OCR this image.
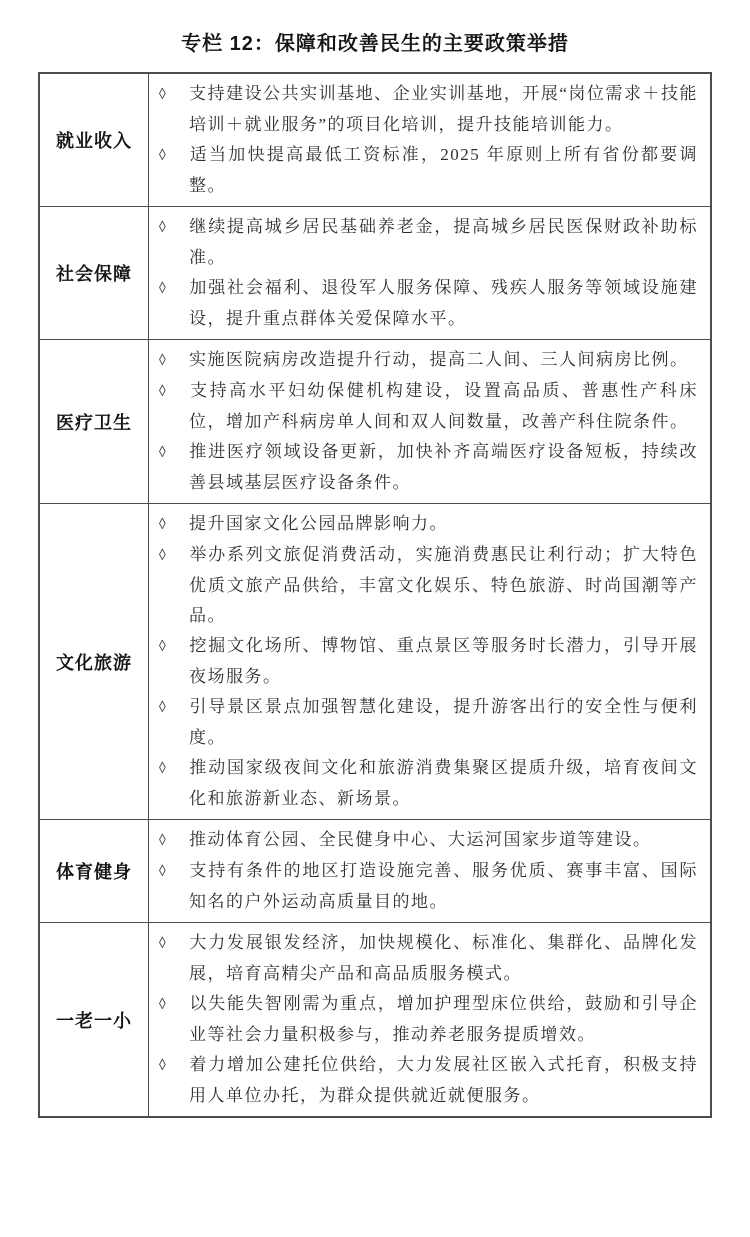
专栏 12：保障和改善民生的主要政策举措
就业收入	◊ 支持建设公共实训基地、企业实训基地，开展“岗位需求＋技能培训＋就业服务”的项目化培训，提升技能培训能力。

◊ 适当加快提高最低工资标准，2025 年原则上所有省份都要调整。

社会保障	◊ 继续提高城乡居民基础养老金，提高城乡居民医保财政补助标准。

◊ 加强社会福利、退役军人服务保障、残疾人服务等领域设施建设，提升重点群体关爱保障水平。

医疗卫生	◊ 实施医院病房改造提升行动，提高二人间、三人间病房比例。

◊ 支持高水平妇幼保健机构建设，设置高品质、普惠性产科床位，增加产科病房单人间和双人间数量，改善产科住院条件。

◊ 推进医疗领域设备更新，加快补齐高端医疗设备短板，持续改善县域基层医疗设备条件。

文化旅游	◊ 提升国家文化公园品牌影响力。

◊ 举办系列文旅促消费活动，实施消费惠民让利行动；扩大特色优质文旅产品供给，丰富文化娱乐、特色旅游、时尚国潮等产品。

◊ 挖掘文化场所、博物馆、重点景区等服务时长潜力，引导开展夜场服务。

◊ 引导景区景点加强智慧化建设，提升游客出行的安全性与便利度。

◊ 推动国家级夜间文化和旅游消费集聚区提质升级，培育夜间文化和旅游新业态、新场景。

体育健身	◊ 推动体育公园、全民健身中心、大运河国家步道等建设。

◊ 支持有条件的地区打造设施完善、服务优质、赛事丰富、国际知名的户外运动高质量目的地。

一老一小	◊ 大力发展银发经济，加快规模化、标准化、集群化、品牌化发展，培育高精尖产品和高品质服务模式。

◊ 以失能失智刚需为重点，增加护理型床位供给，鼓励和引导企业等社会力量积极参与，推动养老服务提质增效。

◊ 着力增加公建托位供给，大力发展社区嵌入式托育，积极支持用人单位办托，为群众提供就近就便服务。
